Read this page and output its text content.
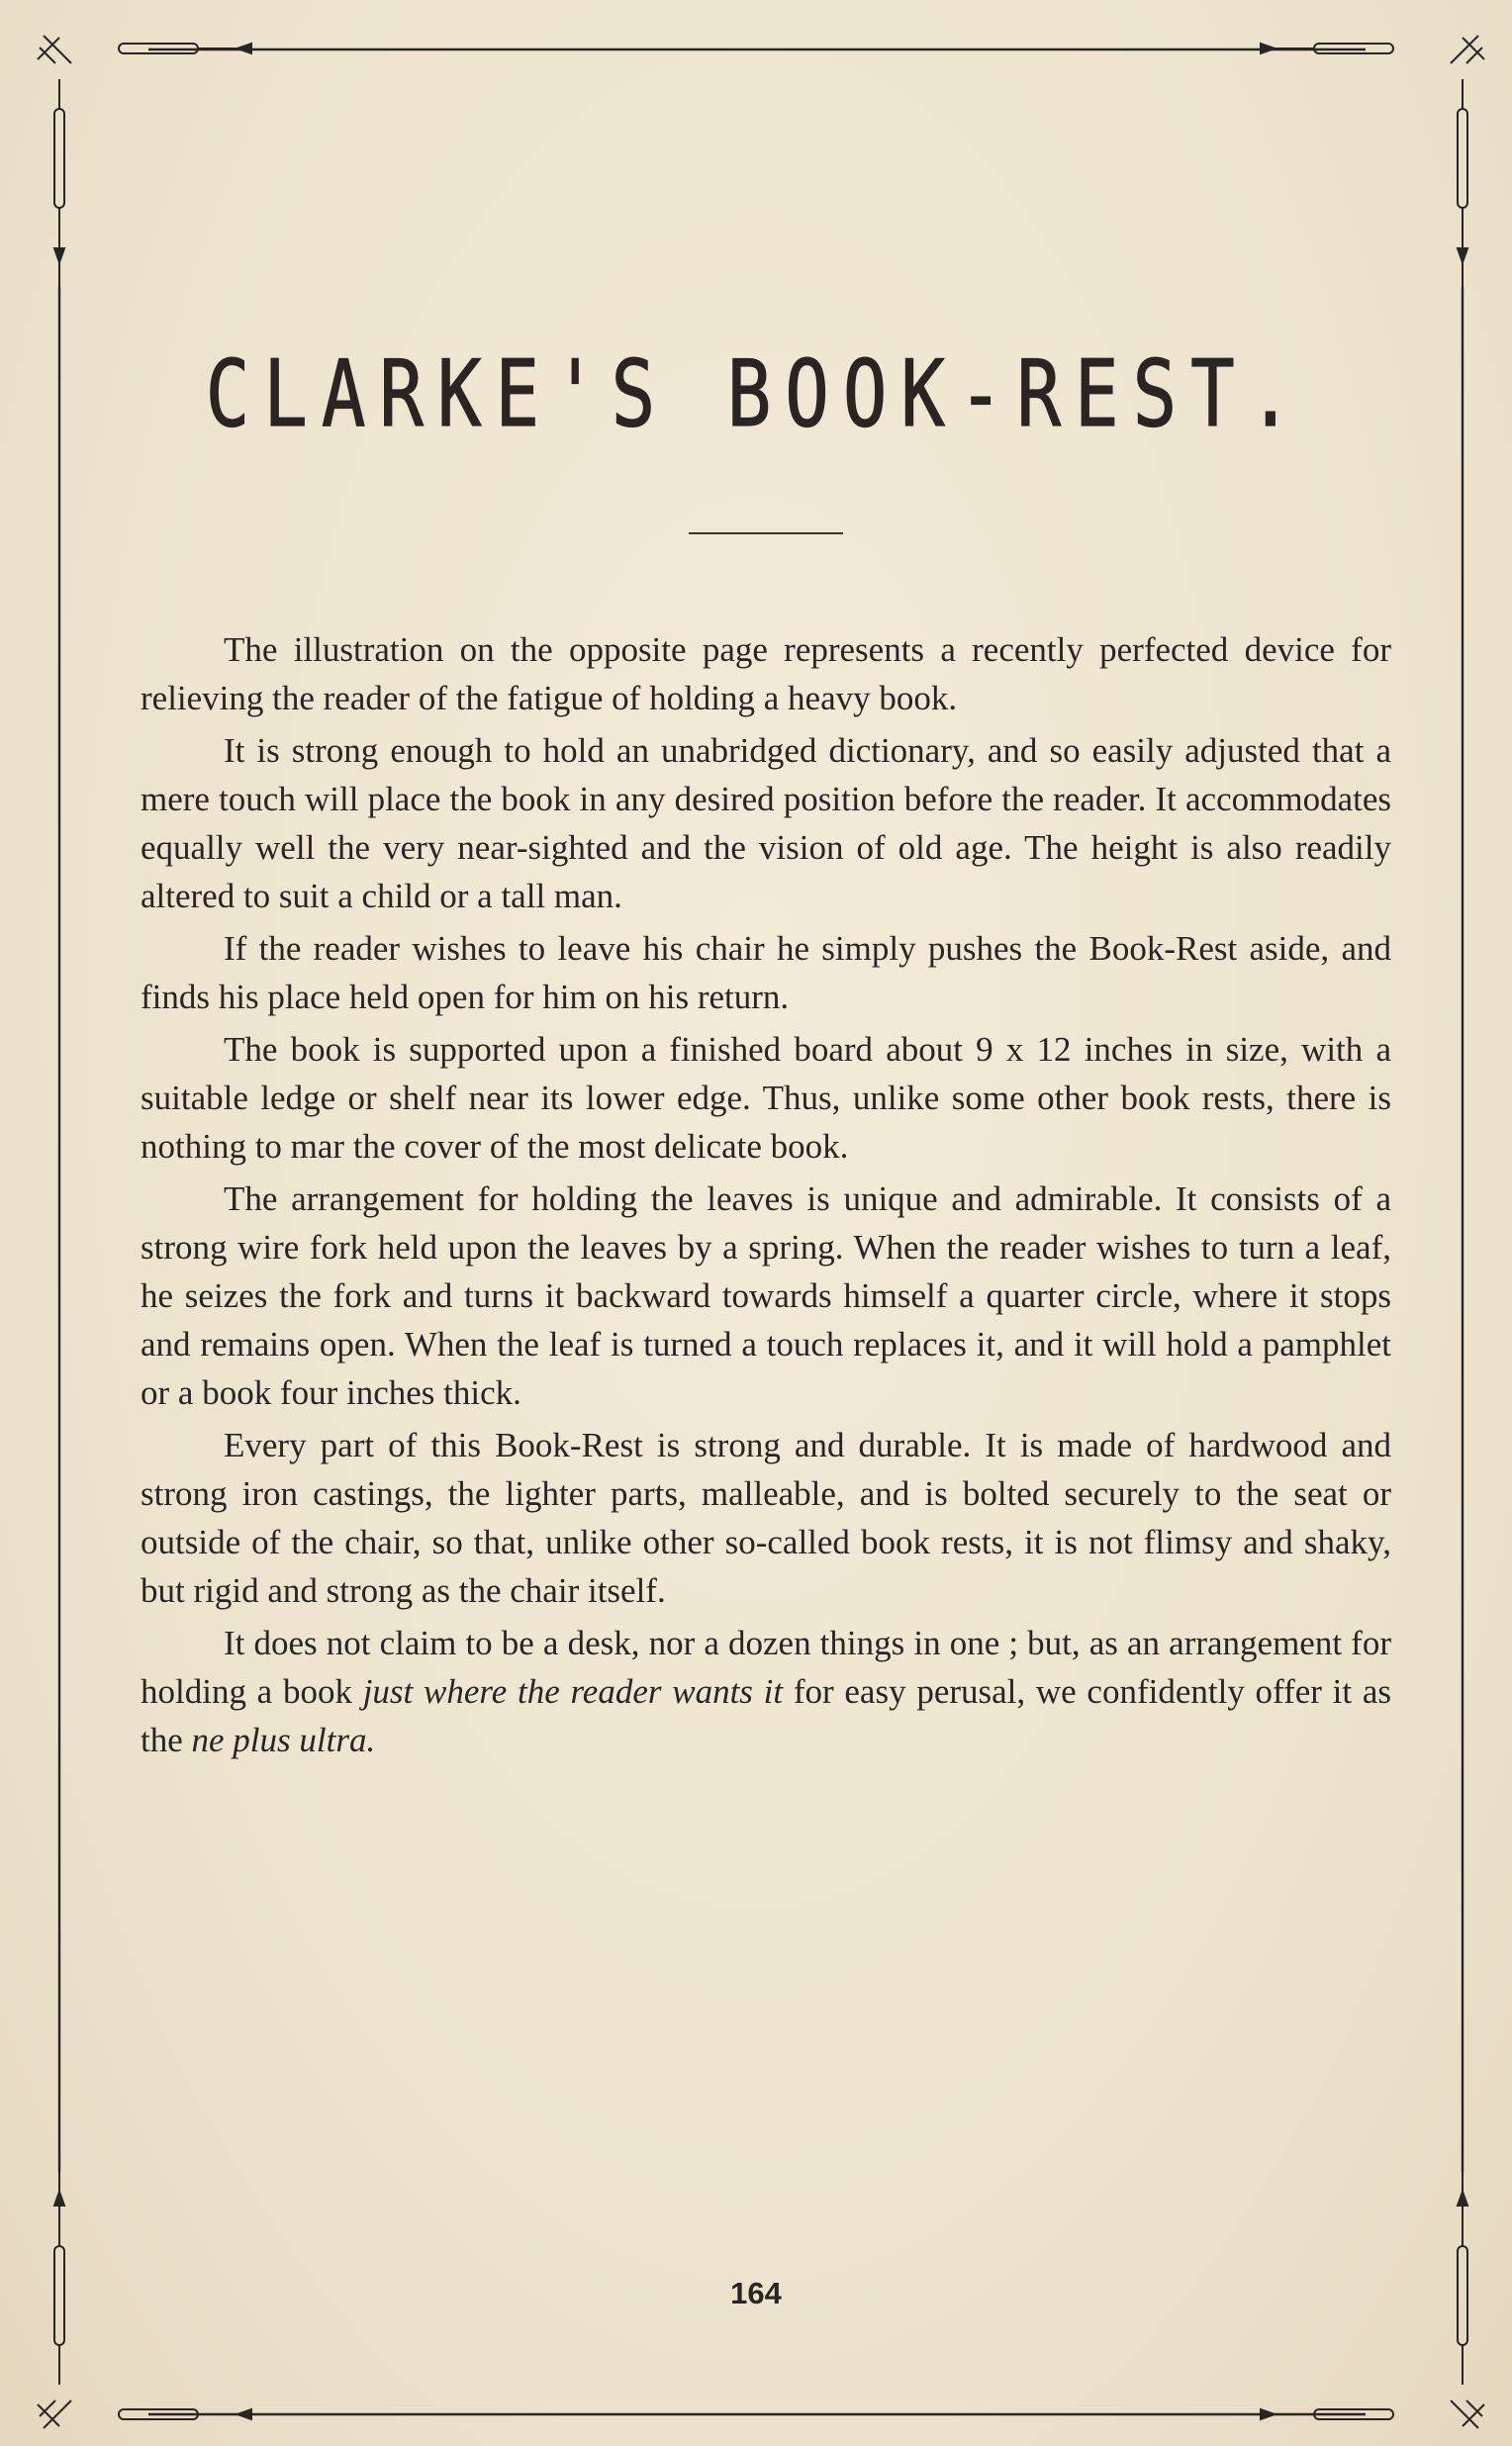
CLARKE'S BOOK-REST.

The illustration on the opposite page represents a recently perfected device for relieving the reader of the fatigue of holding a heavy book.

It is strong enough to hold an unabridged dictionary, and so easily adjusted that a mere touch will place the book in any desired position before the reader. It accommodates equally well the very near-sighted and the vision of old age. The height is also readily altered to suit a child or a tall man.

If the reader wishes to leave his chair he simply pushes the Book-Rest aside, and finds his place held open for him on his return.

The book is supported upon a finished board about 9 x 12 inches in size, with a suitable ledge or shelf near its lower edge. Thus, unlike some other book rests, there is nothing to mar the cover of the most delicate book.

The arrangement for holding the leaves is unique and admirable. It consists of a strong wire fork held upon the leaves by a spring. When the reader wishes to turn a leaf, he seizes the fork and turns it backward towards himself a quarter circle, where it stops and remains open. When the leaf is turned a touch replaces it, and it will hold a pamphlet or a book four inches thick.

Every part of this Book-Rest is strong and durable. It is made of hardwood and strong iron castings, the lighter parts, malleable, and is bolted securely to the seat or outside of the chair, so that, unlike other so-called book rests, it is not flimsy and shaky, but rigid and strong as the chair itself.

It does not claim to be a desk, nor a dozen things in one ; but, as an arrangement for holding a book just where the reader wants it for easy perusal, we confidently offer it as the ne plus ultra.

164
